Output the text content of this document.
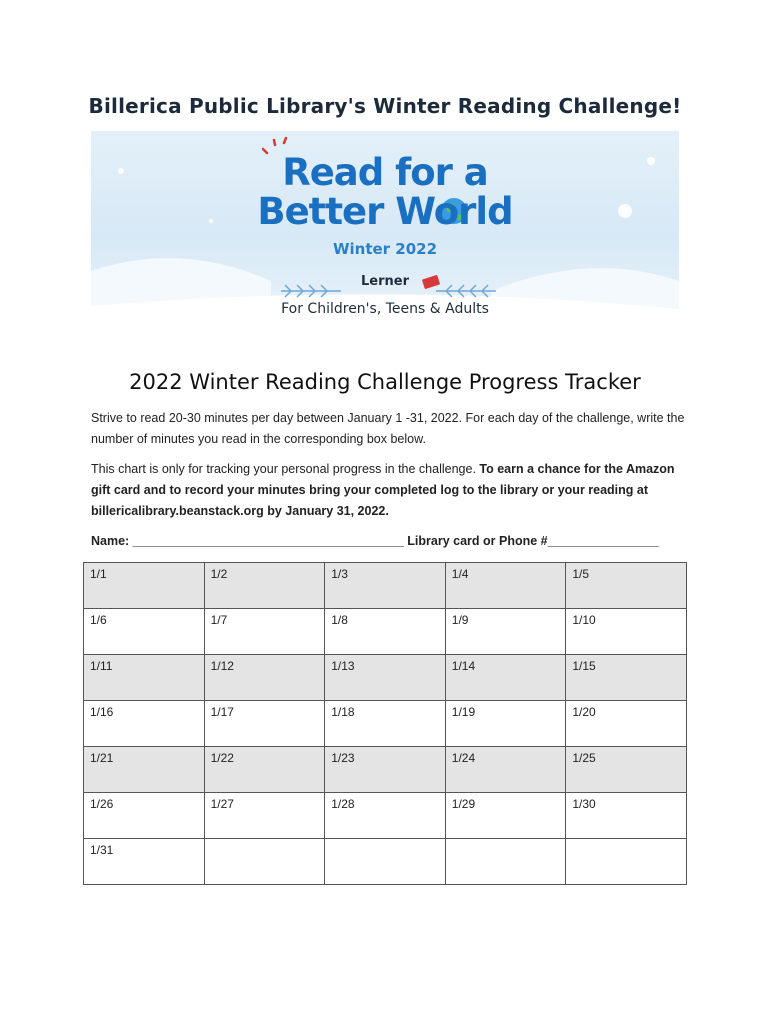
Billerica Public Library's Winter Reading Challenge!
Read for a
Better World
Winter 2022
Lerner
For Children's, Teens & Adults
2022 Winter Reading Challenge Progress Tracker
Strive to read 20-30 minutes per day between January 1 -31, 2022. For each day of the challenge, write the number of minutes you read in the corresponding box below.
This chart is only for tracking your personal progress in the challenge. To earn a chance for the Amazon gift card and to record your minutes bring your completed log to the library or your reading at billericalibrary.beanstack.org by January 31, 2022.
Name: _______________________________________ Library card or Phone #________________
1/1	1/2	1/3	1/4	1/5
1/6	1/7	1/8	1/9	1/10
1/11	1/12	1/13	1/14	1/15
1/16	1/17	1/18	1/19	1/20
1/21	1/22	1/23	1/24	1/25
1/26	1/27	1/28	1/29	1/30
1/31				
